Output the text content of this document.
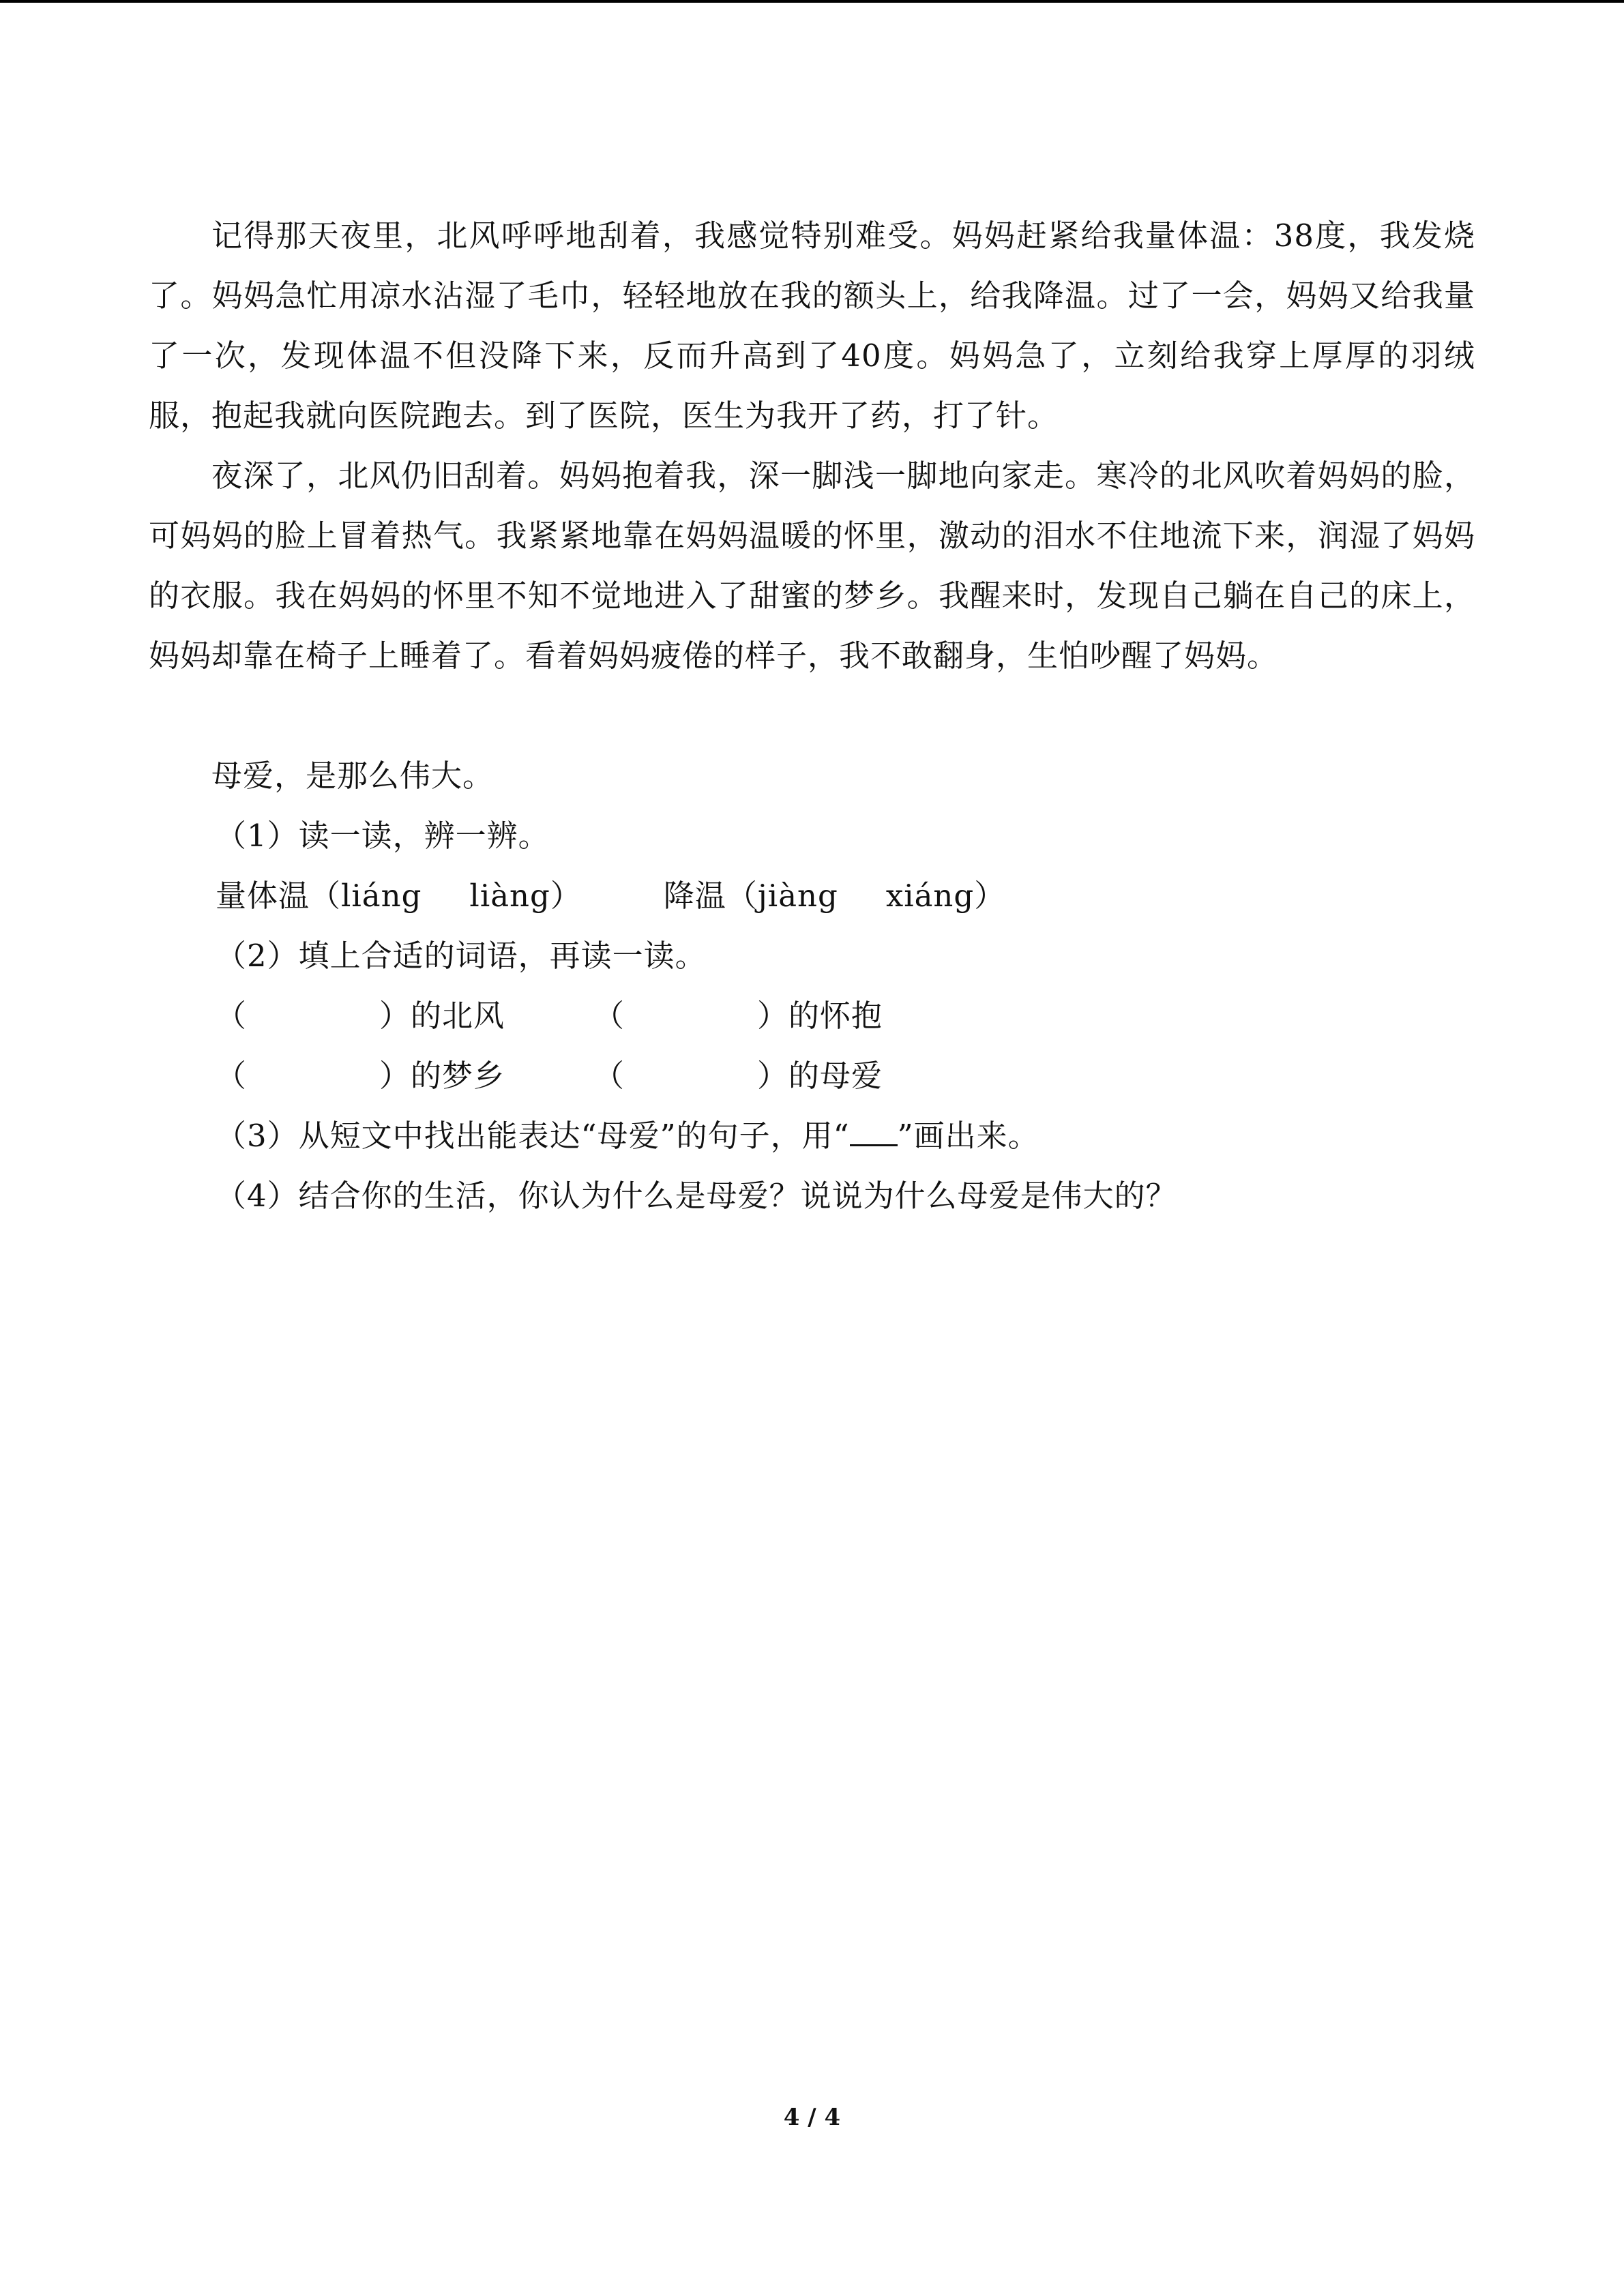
记得那天夜里，北风呼呼地刮着，我感觉特别难受。妈妈赶紧给我量体温：38度，我发烧了。妈妈急忙用凉水沾湿了毛巾，轻轻地放在我的额头上，给我降温。过了一会，妈妈又给我量了一次，发现体温不但没降下来，反而升高到了40度。妈妈急了，立刻给我穿上厚厚的羽绒服，抱起我就向医院跑去。到了医院，医生为我开了药，打了针。

夜深了，北风仍旧刮着。妈妈抱着我，深一脚浅一脚地向家走。寒冷的北风吹着妈妈的脸，可妈妈的脸上冒着热气。我紧紧地靠在妈妈温暖的怀里，激动的泪水不住地流下来，润湿了妈妈的衣服。我在妈妈的怀里不知不觉地进入了甜蜜的梦乡。我醒来时，发现自己躺在自己的床上，妈妈却靠在椅子上睡着了。看着妈妈疲倦的样子，我不敢翻身，生怕吵醒了妈妈。

母爱，是那么伟大。

（1）读一读，辨一辨。

量体温（liáng liàng）	降温（jiàng xiáng）

（2）填上合适的词语，再读一读。

（	）的北风	（	）的怀抱

（	）的梦乡	（	）的母爱

（3）从短文中找出能表达“母爱”的句子，用“ ”画出来。

（4）结合你的生活，你认为什么是母爱？说说为什么母爱是伟大的？

4 / 4
